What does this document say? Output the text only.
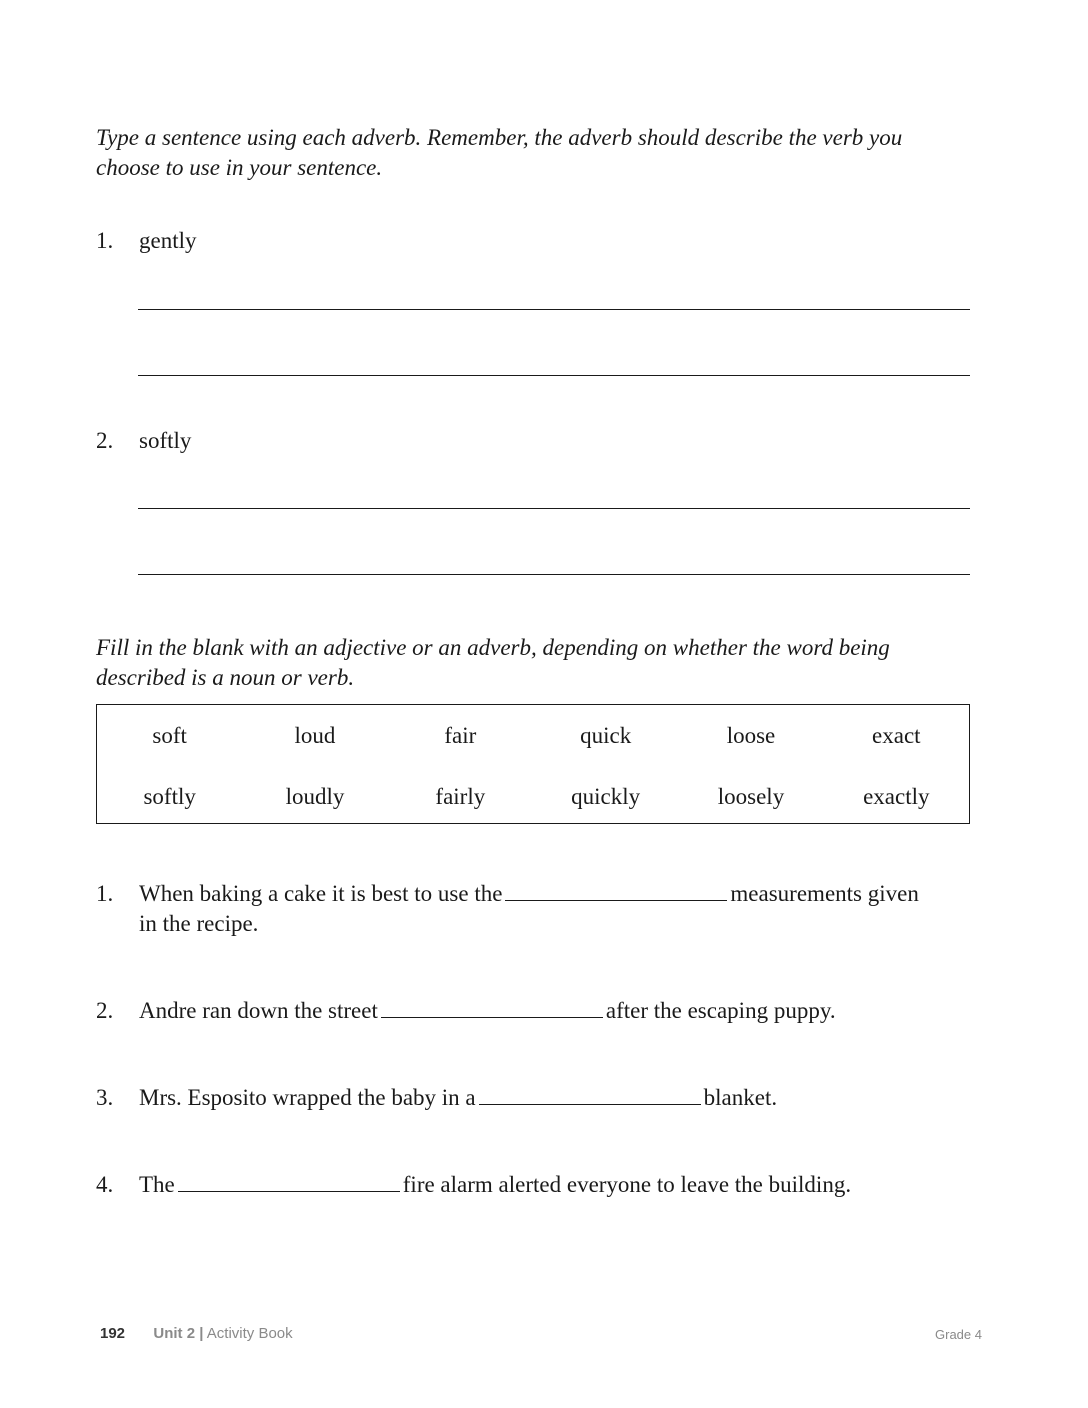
Type a sentence using each adverb. Remember, the adverb should describe the verb you
choose to use in your sentence.
1. gently
2. softly
Fill in the blank with an adjective or an adverb, depending on whether the word being
described is a noun or verb.
soft	loud	fair	quick	loose	exact
softly	loudly	fairly	quickly	loosely	exactly
1. When baking a cake it is best to use the	measurements given
in the recipe.
2. Andre ran down the street	after the escaping puppy.
3. Mrs. Esposito wrapped the baby in a	blanket.
4. The	fire alarm alerted everyone to leave the building.
192 Unit 2 | Activity Book	Grade 4
